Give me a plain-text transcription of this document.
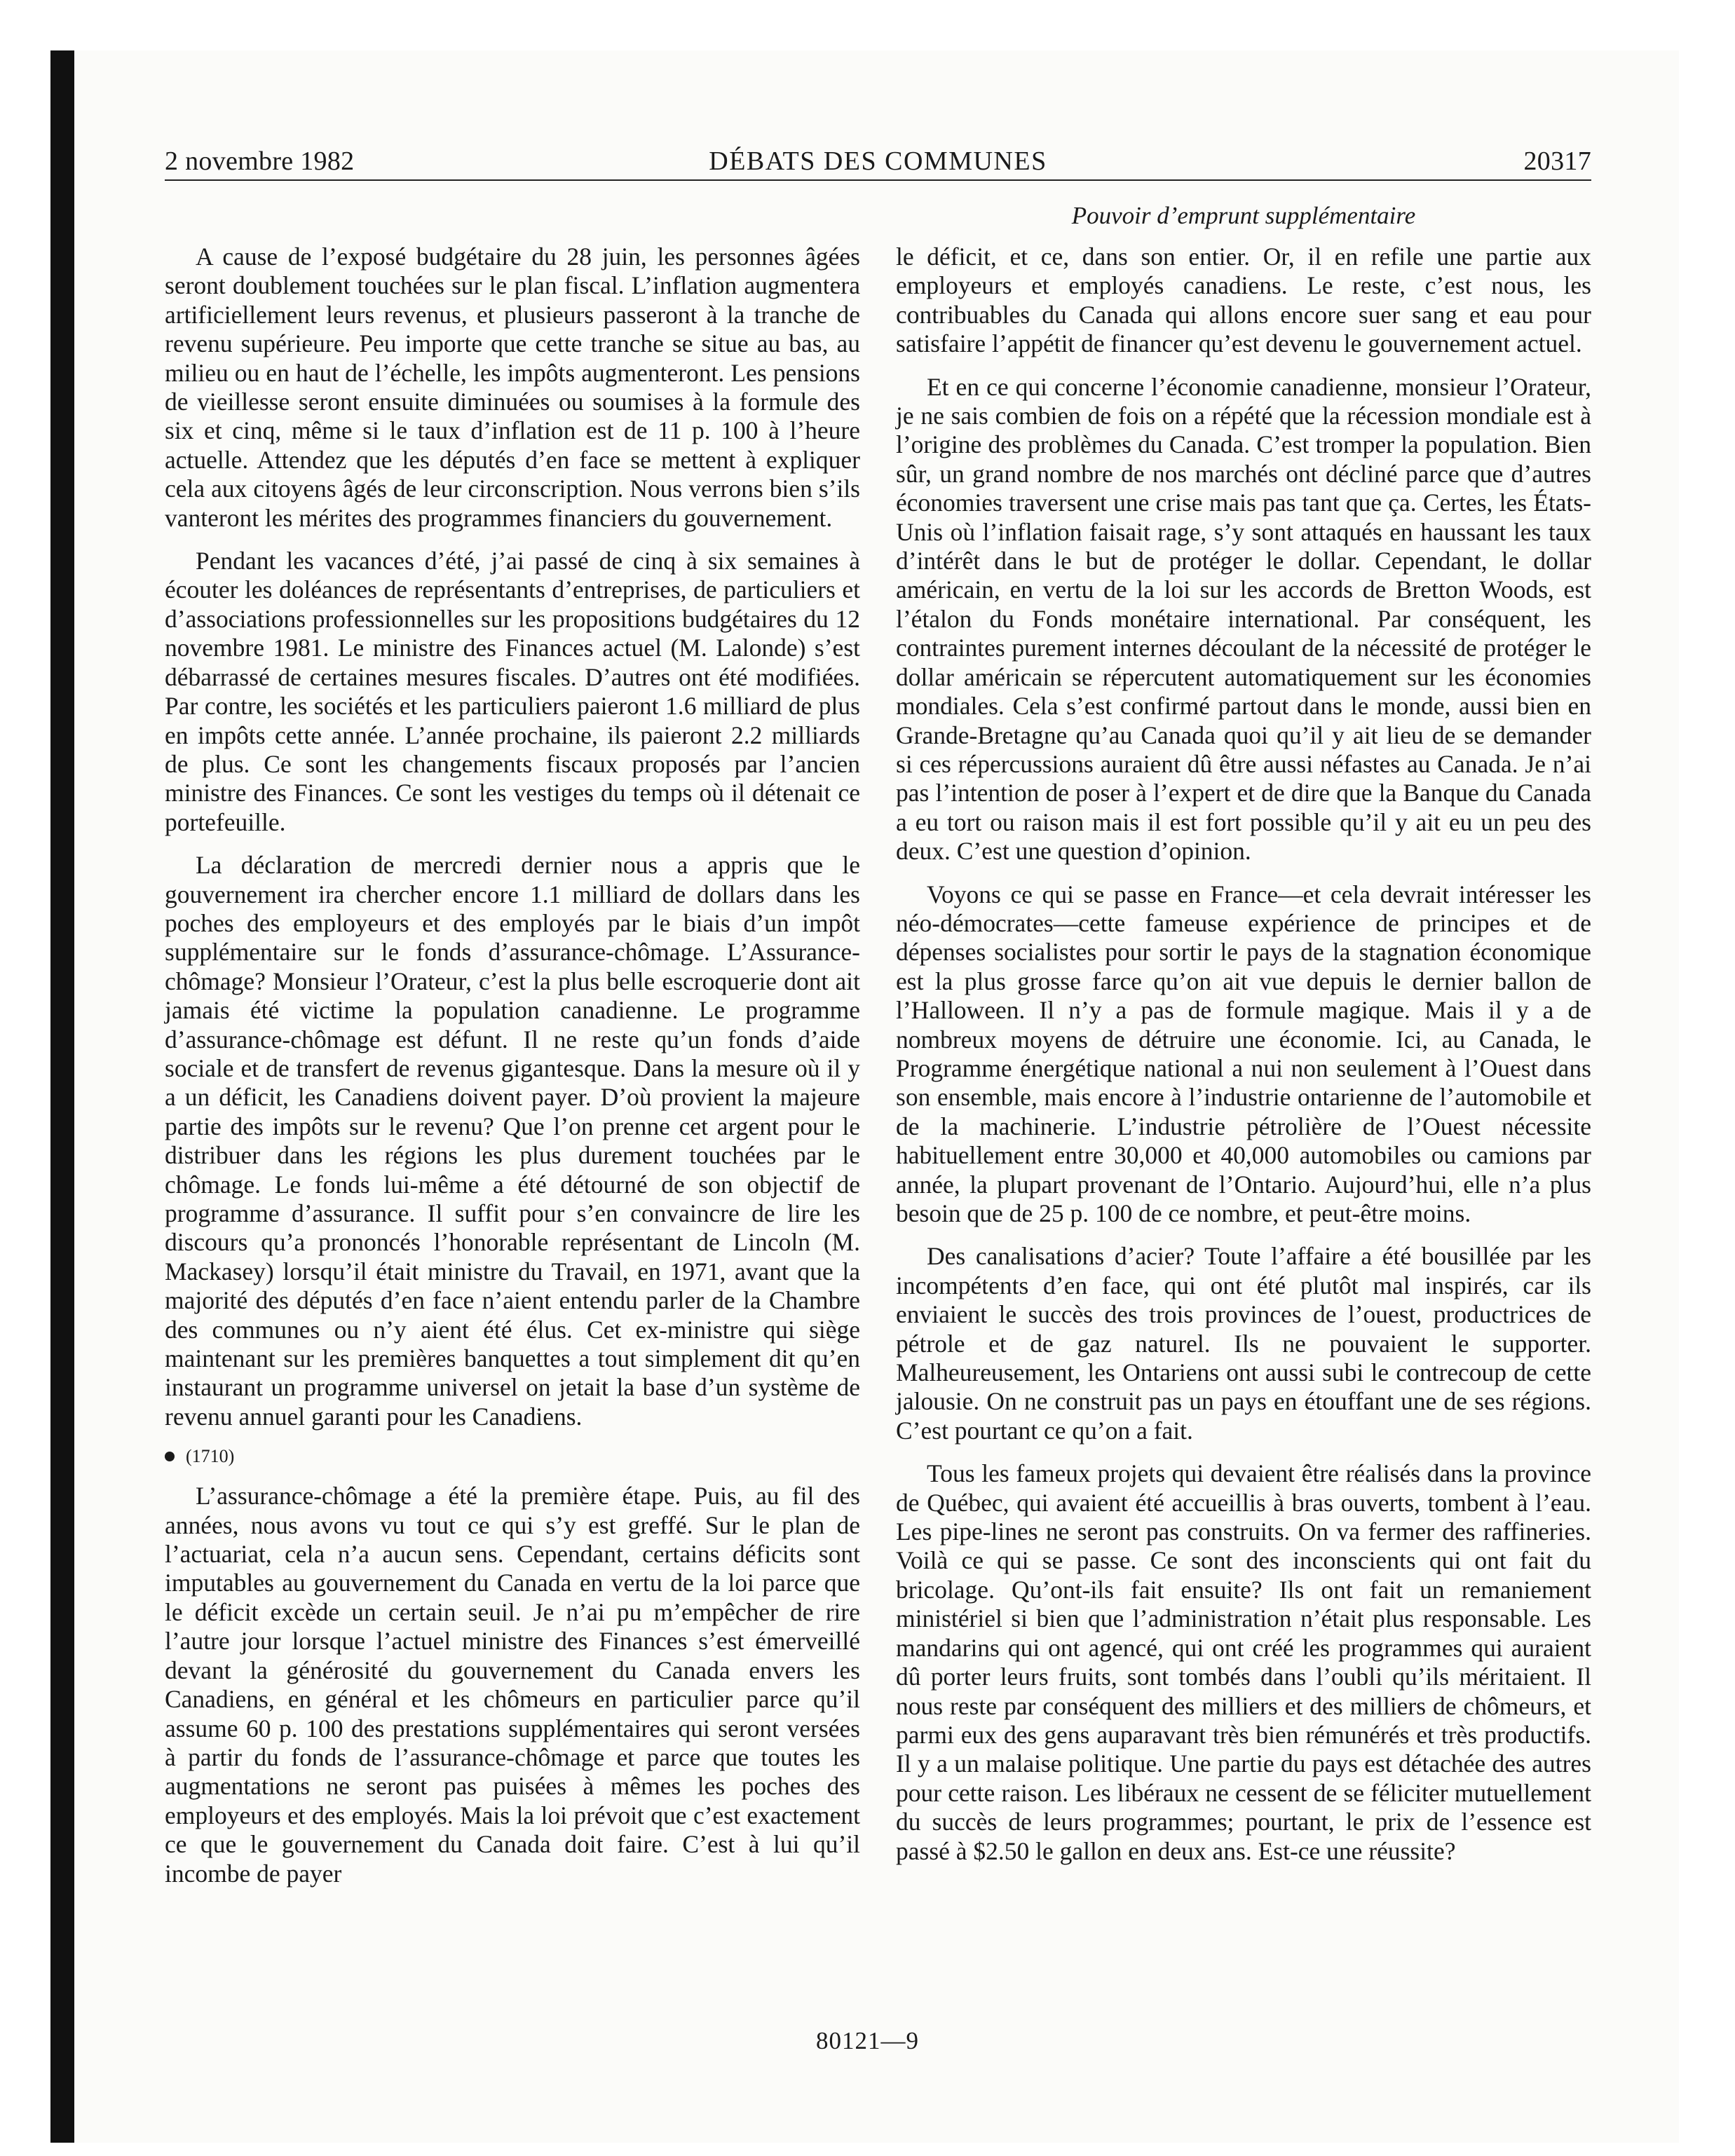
2 novembre 1982	DÉBATS DES COMMUNES	20317
Pouvoir d’emprunt supplémentaire

A cause de l’exposé budgétaire du 28 juin, les personnes âgées seront doublement touchées sur le plan fiscal. L’inflation augmentera artificiellement leurs revenus, et plusieurs passeront à la tranche de revenu supérieure. Peu importe que cette tranche se situe au bas, au milieu ou en haut de l’échelle, les impôts augmenteront. Les pensions de vieillesse seront ensuite diminuées ou soumises à la formule des six et cinq, même si le taux d’inflation est de 11 p. 100 à l’heure actuelle. Attendez que les députés d’en face se mettent à expliquer cela aux citoyens âgés de leur circonscription. Nous verrons bien s’ils vanteront les mérites des programmes financiers du gouvernement.

Pendant les vacances d’été, j’ai passé de cinq à six semaines à écouter les doléances de représentants d’entreprises, de particuliers et d’associations professionnelles sur les propositions budgétaires du 12 novembre 1981. Le ministre des Finances actuel (M. Lalonde) s’est débarrassé de certaines mesures fiscales. D’autres ont été modifiées. Par contre, les sociétés et les particuliers paieront 1.6 milliard de plus en impôts cette année. L’année prochaine, ils paieront 2.2 milliards de plus. Ce sont les changements fiscaux proposés par l’ancien ministre des Finances. Ce sont les vestiges du temps où il détenait ce portefeuille.

La déclaration de mercredi dernier nous a appris que le gouvernement ira chercher encore 1.1 milliard de dollars dans les poches des employeurs et des employés par le biais d’un impôt supplémentaire sur le fonds d’assurance-chômage. L’Assurance-chômage? Monsieur l’Orateur, c’est la plus belle escroquerie dont ait jamais été victime la population canadienne. Le programme d’assurance-chômage est défunt. Il ne reste qu’un fonds d’aide sociale et de transfert de revenus gigantesque. Dans la mesure où il y a un déficit, les Canadiens doivent payer. D’où provient la majeure partie des impôts sur le revenu? Que l’on prenne cet argent pour le distribuer dans les régions les plus durement touchées par le chômage. Le fonds lui-même a été détourné de son objectif de programme d’assurance. Il suffit pour s’en convaincre de lire les discours qu’a prononcés l’honorable représentant de Lincoln (M. Mackasey) lorsqu’il était ministre du Travail, en 1971, avant que la majorité des députés d’en face n’aient entendu parler de la Chambre des communes ou n’y aient été élus. Cet ex-ministre qui siège maintenant sur les premières banquettes a tout simplement dit qu’en instaurant un programme universel on jetait la base d’un système de revenu annuel garanti pour les Canadiens.

(1710)

L’assurance-chômage a été la première étape. Puis, au fil des années, nous avons vu tout ce qui s’y est greffé. Sur le plan de l’actuariat, cela n’a aucun sens. Cependant, certains déficits sont imputables au gouvernement du Canada en vertu de la loi parce que le déficit excède un certain seuil. Je n’ai pu m’empêcher de rire l’autre jour lorsque l’actuel ministre des Finances s’est émerveillé devant la générosité du gouvernement du Canada envers les Canadiens, en général et les chômeurs en particulier parce qu’il assume 60 p. 100 des prestations supplémentaires qui seront versées à partir du fonds de l’assurance-chômage et parce que toutes les augmentations ne seront pas puisées à mêmes les poches des employeurs et des employés. Mais la loi prévoit que c’est exactement ce que le gouvernement du Canada doit faire. C’est à lui qu’il incombe de payer

le déficit, et ce, dans son entier. Or, il en refile une partie aux employeurs et employés canadiens. Le reste, c’est nous, les contribuables du Canada qui allons encore suer sang et eau pour satisfaire l’appétit de financer qu’est devenu le gouvernement actuel.

Et en ce qui concerne l’économie canadienne, monsieur l’Orateur, je ne sais combien de fois on a répété que la récession mondiale est à l’origine des problèmes du Canada. C’est tromper la population. Bien sûr, un grand nombre de nos marchés ont décliné parce que d’autres économies traversent une crise mais pas tant que ça. Certes, les États-Unis où l’inflation faisait rage, s’y sont attaqués en haussant les taux d’intérêt dans le but de protéger le dollar. Cependant, le dollar américain, en vertu de la loi sur les accords de Bretton Woods, est l’étalon du Fonds monétaire international. Par conséquent, les contraintes purement internes découlant de la nécessité de protéger le dollar américain se répercutent automatiquement sur les économies mondiales. Cela s’est confirmé partout dans le monde, aussi bien en Grande-Bretagne qu’au Canada quoi qu’il y ait lieu de se demander si ces répercussions auraient dû être aussi néfastes au Canada. Je n’ai pas l’intention de poser à l’expert et de dire que la Banque du Canada a eu tort ou raison mais il est fort possible qu’il y ait eu un peu des deux. C’est une question d’opinion.

Voyons ce qui se passe en France—et cela devrait intéresser les néo-démocrates—cette fameuse expérience de principes et de dépenses socialistes pour sortir le pays de la stagnation économique est la plus grosse farce qu’on ait vue depuis le dernier ballon de l’Halloween. Il n’y a pas de formule magique. Mais il y a de nombreux moyens de détruire une économie. Ici, au Canada, le Programme énergétique national a nui non seulement à l’Ouest dans son ensemble, mais encore à l’industrie ontarienne de l’automobile et de la machinerie. L’industrie pétrolière de l’Ouest nécessite habituellement entre 30,000 et 40,000 automobiles ou camions par année, la plupart provenant de l’Ontario. Aujourd’hui, elle n’a plus besoin que de 25 p. 100 de ce nombre, et peut-être moins.

Des canalisations d’acier? Toute l’affaire a été bousillée par les incompétents d’en face, qui ont été plutôt mal inspirés, car ils enviaient le succès des trois provinces de l’ouest, productrices de pétrole et de gaz naturel. Ils ne pouvaient le supporter. Malheureusement, les Ontariens ont aussi subi le contrecoup de cette jalousie. On ne construit pas un pays en étouffant une de ses régions. C’est pourtant ce qu’on a fait.

Tous les fameux projets qui devaient être réalisés dans la province de Québec, qui avaient été accueillis à bras ouverts, tombent à l’eau. Les pipe-lines ne seront pas construits. On va fermer des raffineries. Voilà ce qui se passe. Ce sont des inconscients qui ont fait du bricolage. Qu’ont-ils fait ensuite? Ils ont fait un remaniement ministériel si bien que l’administration n’était plus responsable. Les mandarins qui ont agencé, qui ont créé les programmes qui auraient dû porter leurs fruits, sont tombés dans l’oubli qu’ils méritaient. Il nous reste par conséquent des milliers et des milliers de chômeurs, et parmi eux des gens auparavant très bien rémunérés et très productifs. Il y a un malaise politique. Une partie du pays est détachée des autres pour cette raison. Les libéraux ne cessent de se féliciter mutuellement du succès de leurs programmes; pourtant, le prix de l’essence est passé à $2.50 le gallon en deux ans. Est-ce une réussite?

80121—9
